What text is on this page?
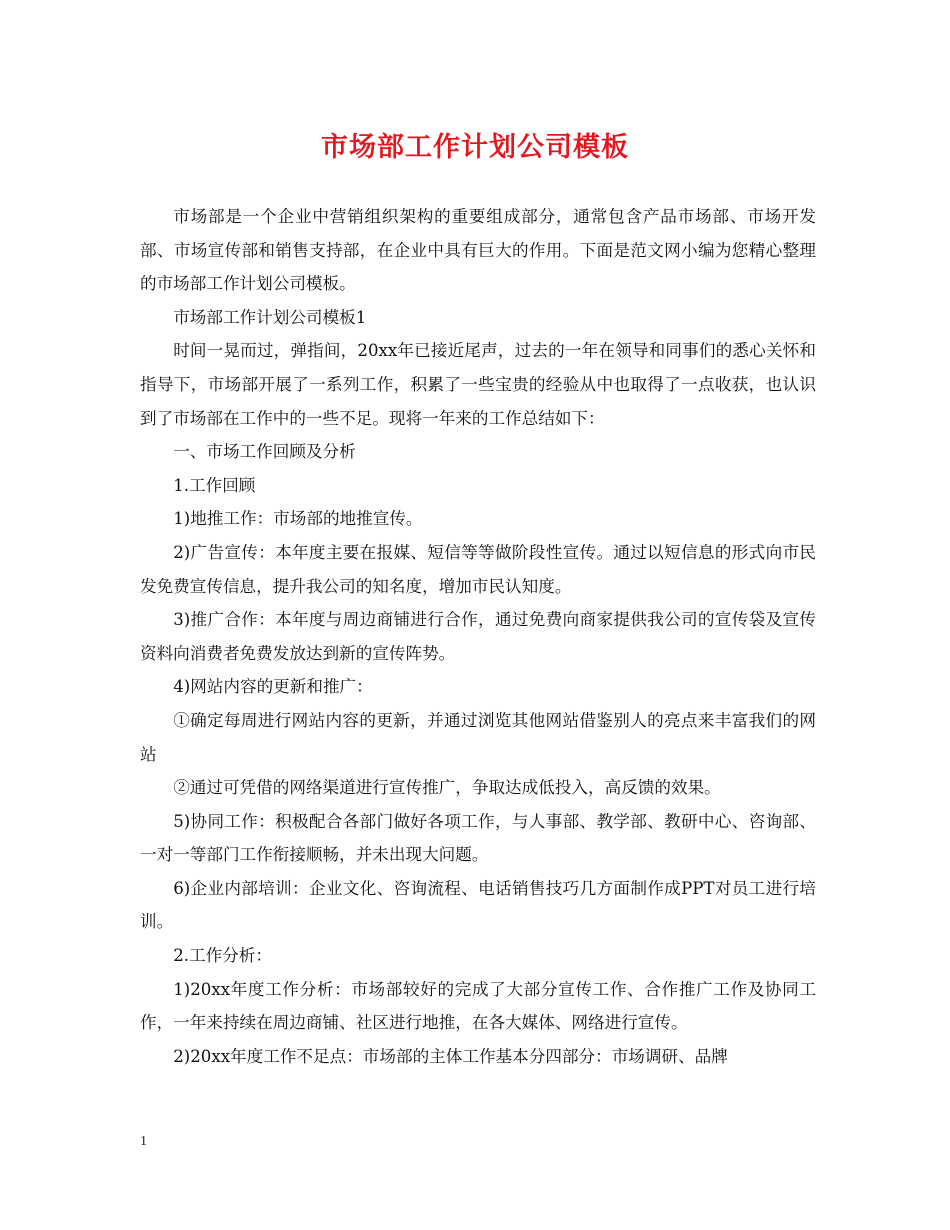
市场部工作计划公司模板

市场部是一个企业中营销组织架构的重要组成部分，通常包含产品市场部、市场开发部、市场宣传部和销售支持部，在企业中具有巨大的作用。下面是范文网小编为您精心整理的市场部工作计划公司模板。

市场部工作计划公司模板1

时间一晃而过，弹指间，20xx年已接近尾声，过去的一年在领导和同事们的悉心关怀和指导下，市场部开展了一系列工作，积累了一些宝贵的经验从中也取得了一点收获，也认识到了市场部在工作中的一些不足。现将一年来的工作总结如下：

一、市场工作回顾及分析

1.工作回顾

1)地推工作：市场部的地推宣传。

2)广告宣传：本年度主要在报媒、短信等等做阶段性宣传。通过以短信息的形式向市民发免费宣传信息，提升我公司的知名度，增加市民认知度。

3)推广合作：本年度与周边商铺进行合作，通过免费向商家提供我公司的宣传袋及宣传资料向消费者免费发放达到新的宣传阵势。

4)网站内容的更新和推广：

①确定每周进行网站内容的更新，并通过浏览其他网站借鉴别人的亮点来丰富我们的网站

②通过可凭借的网络渠道进行宣传推广，争取达成低投入，高反馈的效果。

5)协同工作：积极配合各部门做好各项工作，与人事部、教学部、教研中心、咨询部、一对一等部门工作衔接顺畅，并未出现大问题。

6)企业内部培训：企业文化、咨询流程、电话销售技巧几方面制作成PPT对员工进行培训。

2.工作分析：

1)20xx年度工作分析：市场部较好的完成了大部分宣传工作、合作推广工作及协同工作，一年来持续在周边商铺、社区进行地推，在各大媒体、网络进行宣传。

2)20xx年度工作不足点：市场部的主体工作基本分四部分：市场调研、品牌

1
